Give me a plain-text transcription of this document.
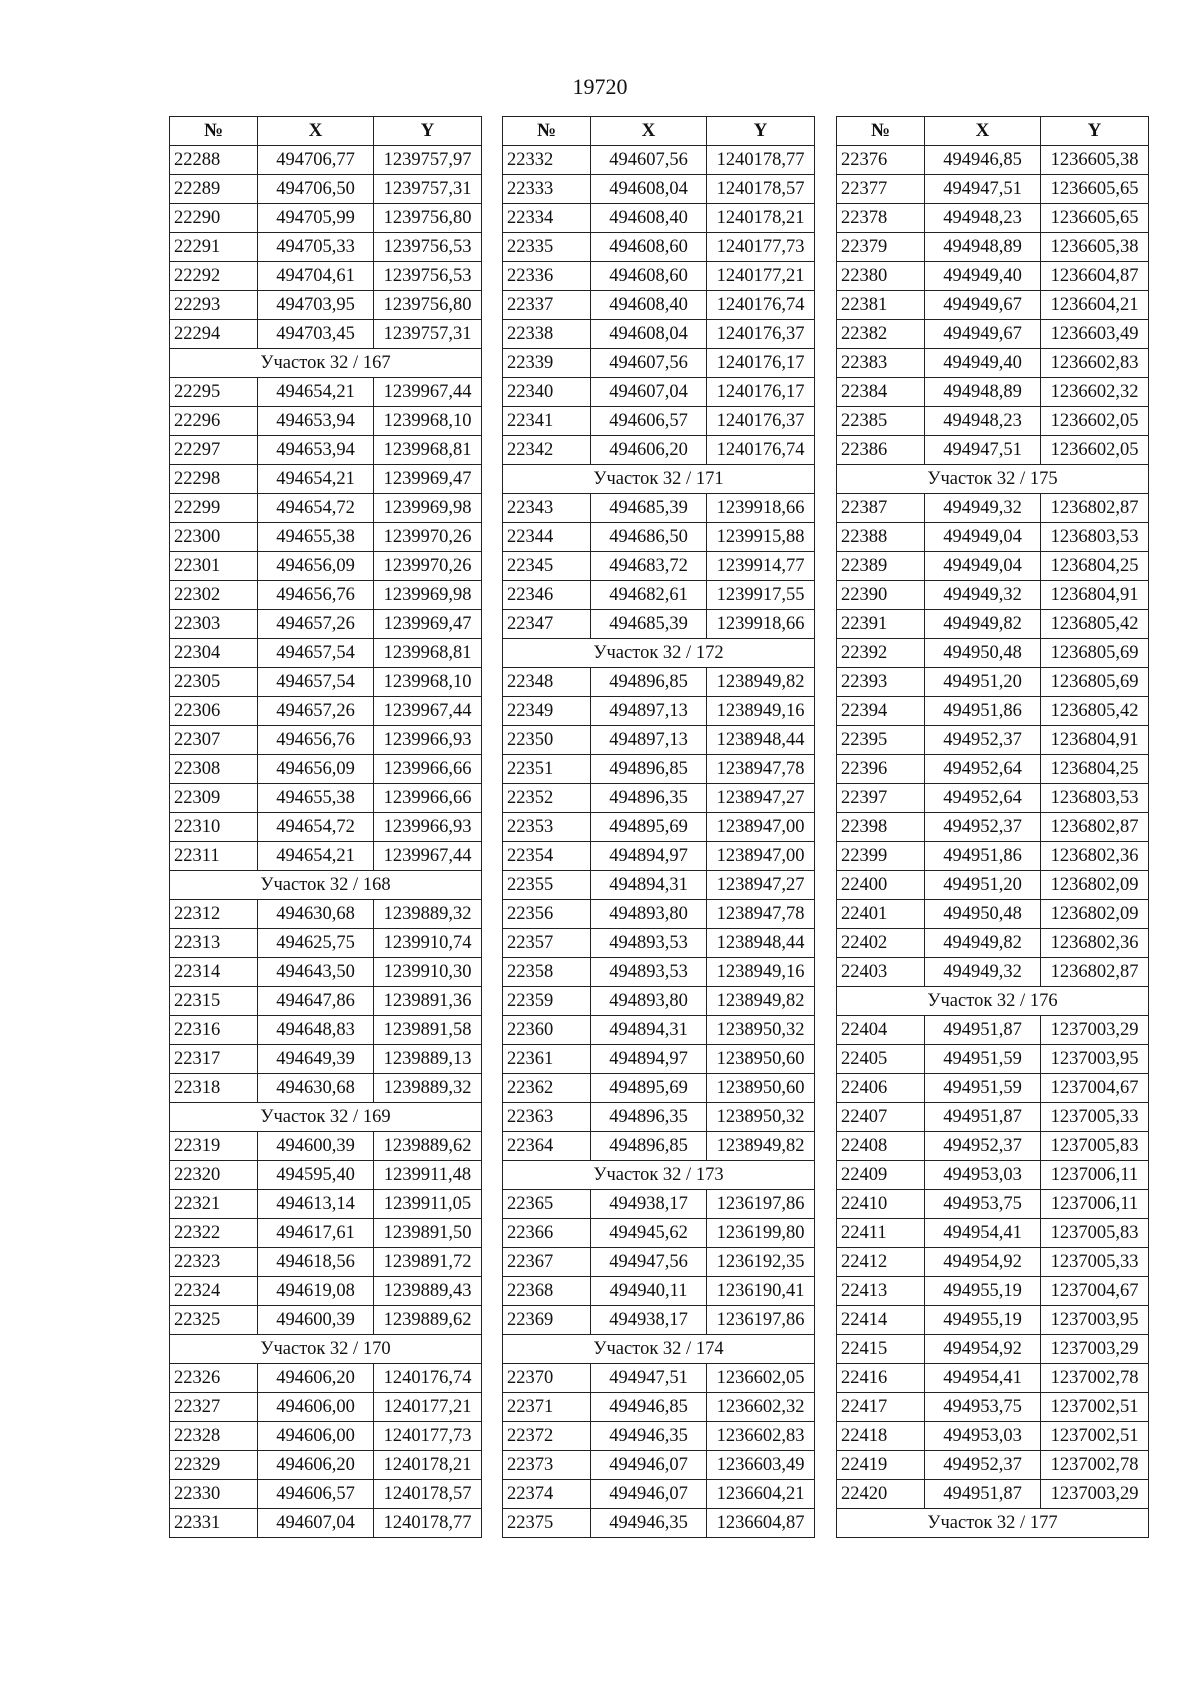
19720
№	X	Y
22288	494706,77	1239757,97
22289	494706,50	1239757,31
22290	494705,99	1239756,80
22291	494705,33	1239756,53
22292	494704,61	1239756,53
22293	494703,95	1239756,80
22294	494703,45	1239757,31
Участок 32 / 167		
22295	494654,21	1239967,44
22296	494653,94	1239968,10
22297	494653,94	1239968,81
22298	494654,21	1239969,47
22299	494654,72	1239969,98
22300	494655,38	1239970,26
22301	494656,09	1239970,26
22302	494656,76	1239969,98
22303	494657,26	1239969,47
22304	494657,54	1239968,81
22305	494657,54	1239968,10
22306	494657,26	1239967,44
22307	494656,76	1239966,93
22308	494656,09	1239966,66
22309	494655,38	1239966,66
22310	494654,72	1239966,93
22311	494654,21	1239967,44
Участок 32 / 168		
22312	494630,68	1239889,32
22313	494625,75	1239910,74
22314	494643,50	1239910,30
22315	494647,86	1239891,36
22316	494648,83	1239891,58
22317	494649,39	1239889,13
22318	494630,68	1239889,32
Участок 32 / 169		
22319	494600,39	1239889,62
22320	494595,40	1239911,48
22321	494613,14	1239911,05
22322	494617,61	1239891,50
22323	494618,56	1239891,72
22324	494619,08	1239889,43
22325	494600,39	1239889,62
Участок 32 / 170		
22326	494606,20	1240176,74
22327	494606,00	1240177,21
22328	494606,00	1240177,73
22329	494606,20	1240178,21
22330	494606,57	1240178,57
22331	494607,04	1240178,77
№	X	Y
22332	494607,56	1240178,77
22333	494608,04	1240178,57
22334	494608,40	1240178,21
22335	494608,60	1240177,73
22336	494608,60	1240177,21
22337	494608,40	1240176,74
22338	494608,04	1240176,37
22339	494607,56	1240176,17
22340	494607,04	1240176,17
22341	494606,57	1240176,37
22342	494606,20	1240176,74
Участок 32 / 171		
22343	494685,39	1239918,66
22344	494686,50	1239915,88
22345	494683,72	1239914,77
22346	494682,61	1239917,55
22347	494685,39	1239918,66
Участок 32 / 172		
22348	494896,85	1238949,82
22349	494897,13	1238949,16
22350	494897,13	1238948,44
22351	494896,85	1238947,78
22352	494896,35	1238947,27
22353	494895,69	1238947,00
22354	494894,97	1238947,00
22355	494894,31	1238947,27
22356	494893,80	1238947,78
22357	494893,53	1238948,44
22358	494893,53	1238949,16
22359	494893,80	1238949,82
22360	494894,31	1238950,32
22361	494894,97	1238950,60
22362	494895,69	1238950,60
22363	494896,35	1238950,32
22364	494896,85	1238949,82
Участок 32 / 173		
22365	494938,17	1236197,86
22366	494945,62	1236199,80
22367	494947,56	1236192,35
22368	494940,11	1236190,41
22369	494938,17	1236197,86
Участок 32 / 174		
22370	494947,51	1236602,05
22371	494946,85	1236602,32
22372	494946,35	1236602,83
22373	494946,07	1236603,49
22374	494946,07	1236604,21
22375	494946,35	1236604,87
№	X	Y
22376	494946,85	1236605,38
22377	494947,51	1236605,65
22378	494948,23	1236605,65
22379	494948,89	1236605,38
22380	494949,40	1236604,87
22381	494949,67	1236604,21
22382	494949,67	1236603,49
22383	494949,40	1236602,83
22384	494948,89	1236602,32
22385	494948,23	1236602,05
22386	494947,51	1236602,05
Участок 32 / 175		
22387	494949,32	1236802,87
22388	494949,04	1236803,53
22389	494949,04	1236804,25
22390	494949,32	1236804,91
22391	494949,82	1236805,42
22392	494950,48	1236805,69
22393	494951,20	1236805,69
22394	494951,86	1236805,42
22395	494952,37	1236804,91
22396	494952,64	1236804,25
22397	494952,64	1236803,53
22398	494952,37	1236802,87
22399	494951,86	1236802,36
22400	494951,20	1236802,09
22401	494950,48	1236802,09
22402	494949,82	1236802,36
22403	494949,32	1236802,87
Участок 32 / 176		
22404	494951,87	1237003,29
22405	494951,59	1237003,95
22406	494951,59	1237004,67
22407	494951,87	1237005,33
22408	494952,37	1237005,83
22409	494953,03	1237006,11
22410	494953,75	1237006,11
22411	494954,41	1237005,83
22412	494954,92	1237005,33
22413	494955,19	1237004,67
22414	494955,19	1237003,95
22415	494954,92	1237003,29
22416	494954,41	1237002,78
22417	494953,75	1237002,51
22418	494953,03	1237002,51
22419	494952,37	1237002,78
22420	494951,87	1237003,29
Участок 32 / 177		
